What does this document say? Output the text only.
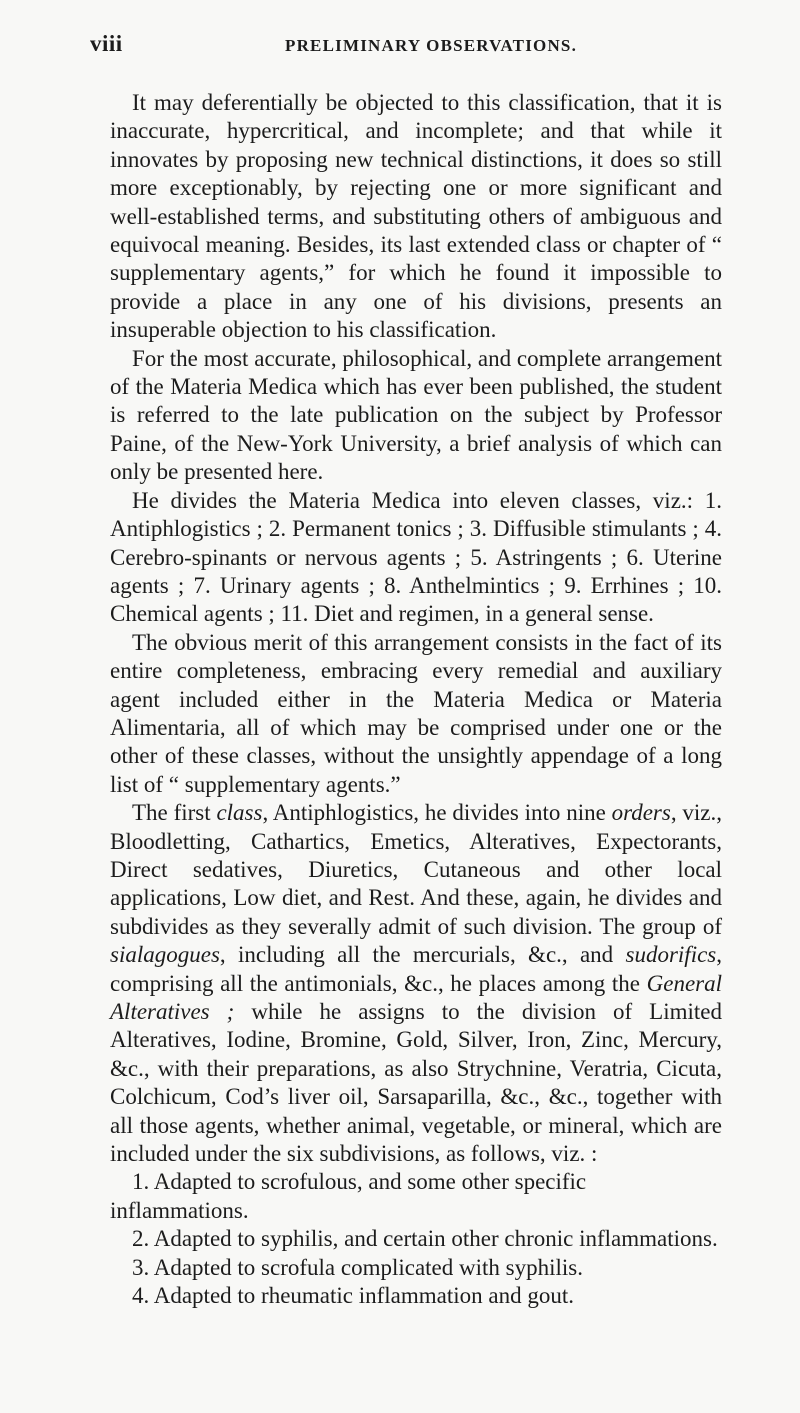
viii	PRELIMINARY OBSERVATIONS.

It may deferentially be objected to this classification, that it is inaccurate, hypercritical, and incomplete; and that while it innovates by proposing new technical distinctions, it does so still more exceptionably, by rejecting one or more significant and well-established terms, and substituting others of ambiguous and equivocal meaning. Besides, its last extended class or chapter of “ supplementary agents,” for which he found it impossible to provide a place in any one of his divisions, presents an insuperable objection to his classification.

For the most accurate, philosophical, and complete arrangement of the Materia Medica which has ever been published, the student is referred to the late publication on the subject by Professor Paine, of the New-York University, a brief analysis of which can only be presented here.

He divides the Materia Medica into eleven classes, viz.: 1. Antiphlogistics ; 2. Permanent tonics ; 3. Diffusible stimulants ; 4. Cerebro-spinants or nervous agents ; 5. Astringents ; 6. Uterine agents ; 7. Urinary agents ; 8. Anthelmintics ; 9. Errhines ; 10. Chemical agents ; 11. Diet and regimen, in a general sense.

The obvious merit of this arrangement consists in the fact of its entire completeness, embracing every remedial and auxiliary agent included either in the Materia Medica or Materia Alimentaria, all of which may be comprised under one or the other of these classes, without the unsightly appendage of a long list of “ supplementary agents.”

The first class, Antiphlogistics, he divides into nine orders, viz., Bloodletting, Cathartics, Emetics, Alteratives, Expectorants, Direct sedatives, Diuretics, Cutaneous and other local applications, Low diet, and Rest. And these, again, he divides and subdivides as they severally admit of such division. The group of sialagogues, including all the mercurials, &c., and sudorifics, comprising all the antimonials, &c., he places among the General Alteratives ; while he assigns to the division of Limited Alteratives, Iodine, Bromine, Gold, Silver, Iron, Zinc, Mercury, &c., with their preparations, as also Strychnine, Veratria, Cicuta, Colchicum, Cod’s liver oil, Sarsaparilla, &c., &c., together with all those agents, whether animal, vegetable, or mineral, which are included under the six subdivisions, as follows, viz. :

1. Adapted to scrofulous, and some other specific inflammations.
2. Adapted to syphilis, and certain other chronic inflammations.
3. Adapted to scrofula complicated with syphilis.
4. Adapted to rheumatic inflammation and gout.
